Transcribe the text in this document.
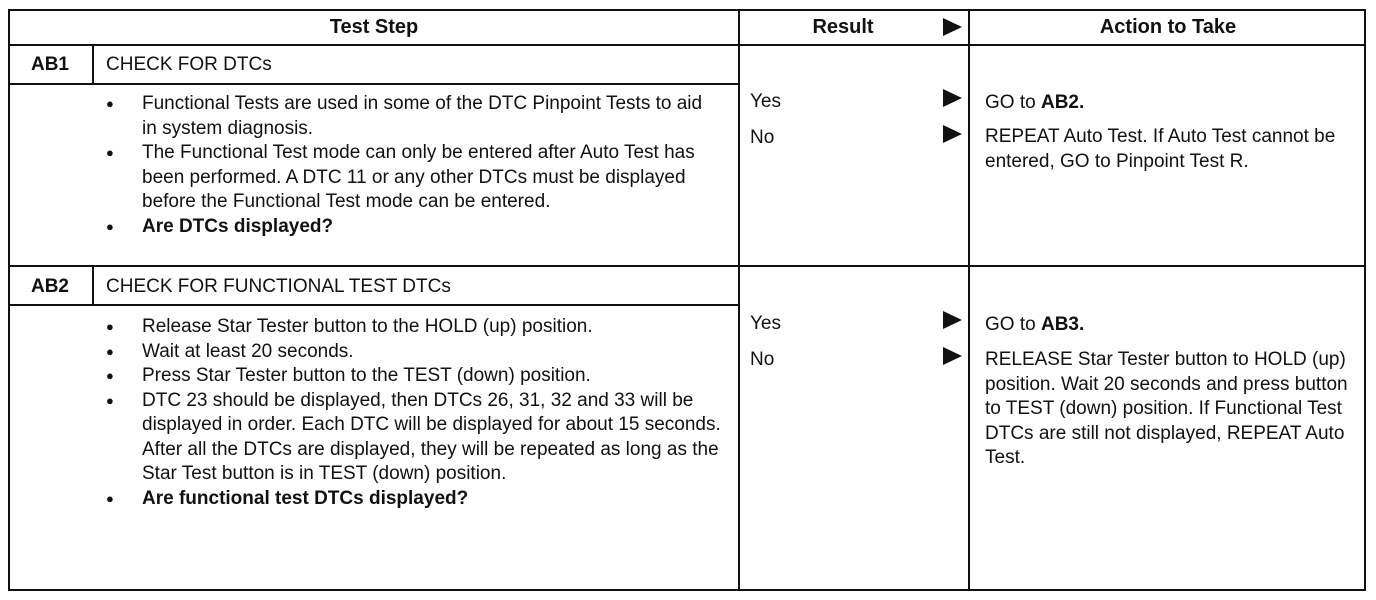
Test Step	Result	Action to Take
AB1	CHECK FOR DTCs
● Functional Tests are used in some of the DTC Pinpoint Tests to aid in system diagnosis.
● The Functional Test mode can only be entered after Auto Test has been performed. A DTC 11 or any other DTCs must be displayed before the Functional Test mode can be entered.
● Are DTCs displayed?
Yes	GO to AB2.
No	REPEAT Auto Test. If Auto Test cannot be entered, GO to Pinpoint Test R.
AB2	CHECK FOR FUNCTIONAL TEST DTCs
● Release Star Tester button to the HOLD (up) position.
● Wait at least 20 seconds.
● Press Star Tester button to the TEST (down) position.
● DTC 23 should be displayed, then DTCs 26, 31, 32 and 33 will be displayed in order. Each DTC will be displayed for about 15 seconds. After all the DTCs are displayed, they will be repeated as long as the Star Test button is in TEST (down) position.
● Are functional test DTCs displayed?
Yes	GO to AB3.
No	RELEASE Star Tester button to HOLD (up) position. Wait 20 seconds and press button to TEST (down) position. If Functional Test DTCs are still not displayed, REPEAT Auto Test.
